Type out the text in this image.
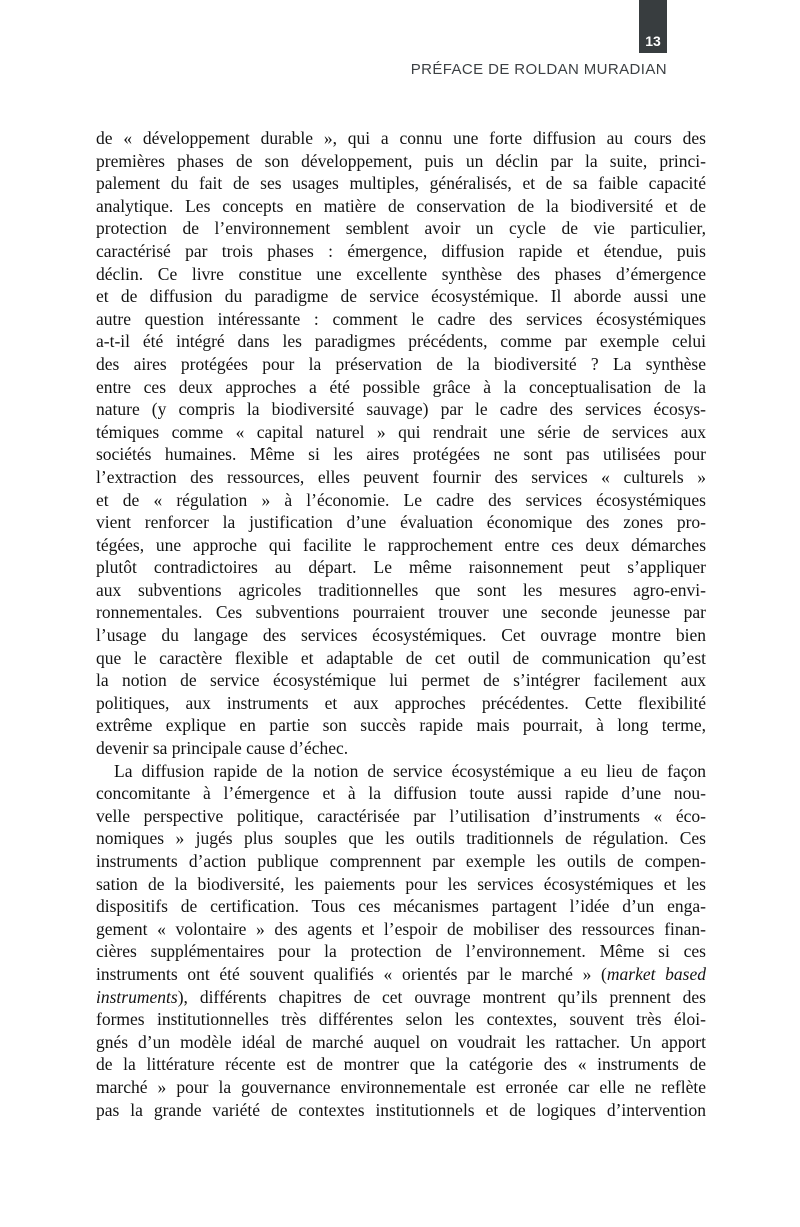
13
PRÉFACE DE ROLDAN MURADIAN
de « développement durable », qui a connu une forte diffusion au cours des
premières phases de son développement, puis un déclin par la suite, princi-
palement du fait de ses usages multiples, généralisés, et de sa faible capacité
analytique. Les concepts en matière de conservation de la biodiversité et de
protection de l’environnement semblent avoir un cycle de vie particulier,
caractérisé par trois phases : émergence, diffusion rapide et étendue, puis
déclin. Ce livre constitue une excellente synthèse des phases d’émergence
et de diffusion du paradigme de service écosystémique. Il aborde aussi une
autre question intéressante : comment le cadre des services écosystémiques
a-t-il été intégré dans les paradigmes précédents, comme par exemple celui
des aires protégées pour la préservation de la biodiversité ? La synthèse
entre ces deux approches a été possible grâce à la conceptualisation de la
nature (y compris la biodiversité sauvage) par le cadre des services écosys-
témiques comme « capital naturel » qui rendrait une série de services aux
sociétés humaines. Même si les aires protégées ne sont pas utilisées pour
l’extraction des ressources, elles peuvent fournir des services « culturels »
et de « régulation » à l’économie. Le cadre des services écosystémiques
vient renforcer la justification d’une évaluation économique des zones pro-
tégées, une approche qui facilite le rapprochement entre ces deux démarches
plutôt contradictoires au départ. Le même raisonnement peut s’appliquer
aux subventions agricoles traditionnelles que sont les mesures agro-envi-
ronnementales. Ces subventions pourraient trouver une seconde jeunesse par
l’usage du langage des services écosystémiques. Cet ouvrage montre bien
que le caractère flexible et adaptable de cet outil de communication qu’est
la notion de service écosystémique lui permet de s’intégrer facilement aux
politiques, aux instruments et aux approches précédentes. Cette flexibilité
extrême explique en partie son succès rapide mais pourrait, à long terme,
devenir sa principale cause d’échec.
La diffusion rapide de la notion de service écosystémique a eu lieu de façon
concomitante à l’émergence et à la diffusion toute aussi rapide d’une nou-
velle perspective politique, caractérisée par l’utilisation d’instruments « éco-
nomiques » jugés plus souples que les outils traditionnels de régulation. Ces
instruments d’action publique comprennent par exemple les outils de compen-
sation de la biodiversité, les paiements pour les services écosystémiques et les
dispositifs de certification. Tous ces mécanismes partagent l’idée d’un enga-
gement « volontaire » des agents et l’espoir de mobiliser des ressources finan-
cières supplémentaires pour la protection de l’environnement. Même si ces
instruments ont été souvent qualifiés « orientés par le marché » (market based
instruments), différents chapitres de cet ouvrage montrent qu’ils prennent des
formes institutionnelles très différentes selon les contextes, souvent très éloi-
gnés d’un modèle idéal de marché auquel on voudrait les rattacher. Un apport
de la littérature récente est de montrer que la catégorie des « instruments de
marché » pour la gouvernance environnementale est erronée car elle ne reflète
pas la grande variété de contextes institutionnels et de logiques d’intervention
